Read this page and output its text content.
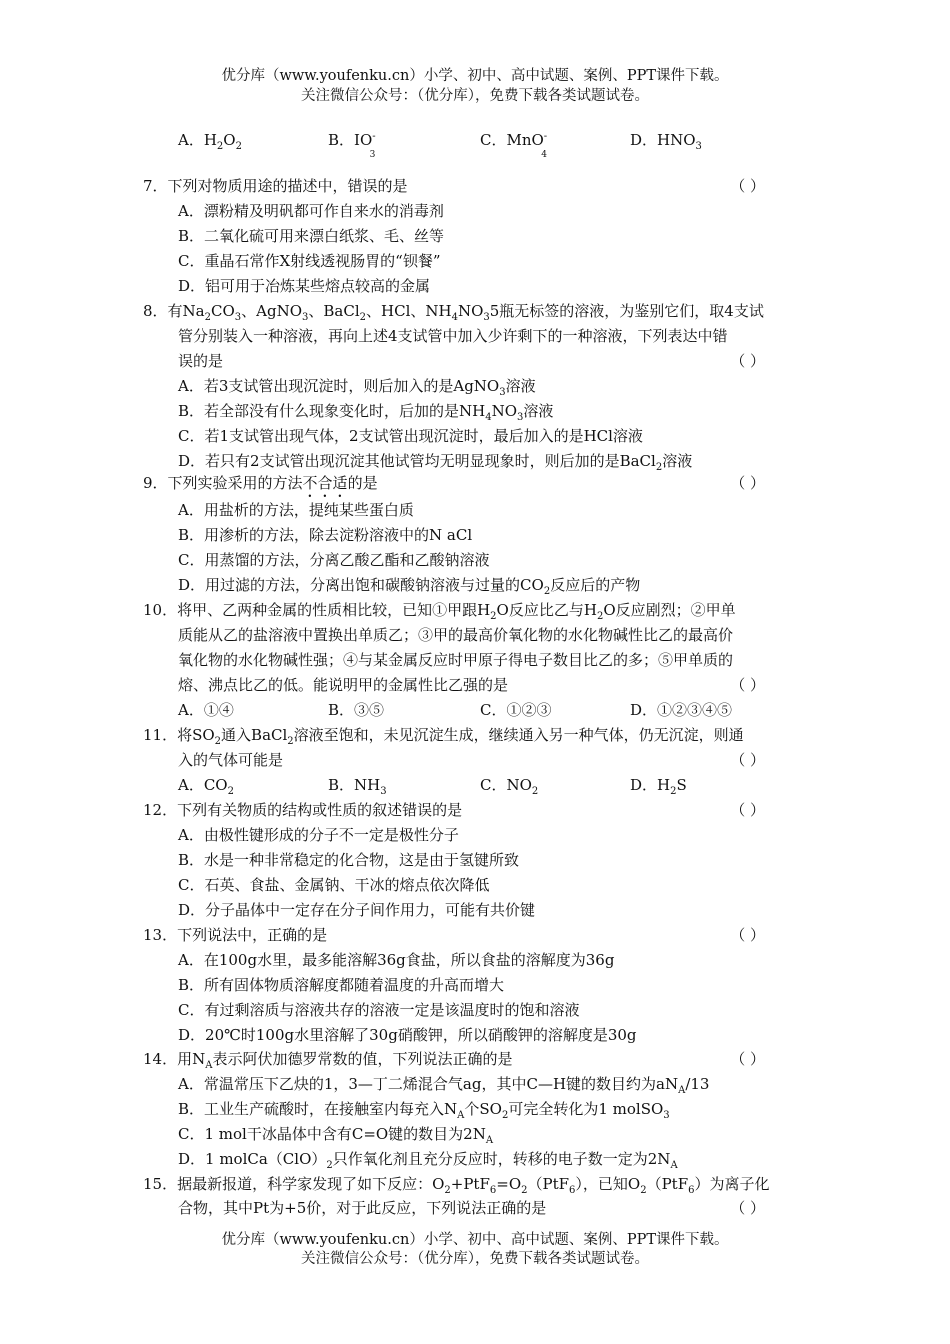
优分库（www.youfenku.cn）小学、初中、高中试题、案例、PPT课件下载。
关注微信公众号：（优分库），免费下载各类试题试卷。
A．$H_2O_2$	B．$IO^-_3$
C．MnO-$_4$
D．$HNO_3$
7．下列对物质用途的描述中，错误的是	（ ）
A．漂粉精及明矾都可作自来水的消毒剂
B．二氧化硫可用来漂白纸浆、毛、丝等
C．重晶石常作X射线透视肠胃的“钡餐”
D．铝可用于冶炼某些熔点较高的金属
8．有$Na_2CO_3$、AgNO$_3$、BaCl$_2$、HCl、$NH_4NO_35$瓶无标签的溶液，为鉴别它们，取4支试
管分别装入一种溶液，再向上述4支试管中加入少许剩下的一种溶液，下列表达中错
误的是	（ ）
A．若3支试管出现沉淀时，则后加入的是AgNO$_3$溶液
B．若全部没有什么现象变化时，后加的是$NH_4NO_3$溶液
C．若1支试管出现气体，2支试管出现沉淀时，最后加入的是HCl溶液
D．若只有2支试管出现沉淀其他试管均无明显现象时，则后加的是BaCl$_2$溶液
9．下列实验采用的方法不合适的是	（ ）
A．用盐析的方法，提纯某些蛋白质
B．用渗析的方法，除去淀粉溶液中的N aCl
C．用蒸馏的方法，分离乙酸乙酯和乙酸钠溶液
D．用过滤的方法，分离出饱和碳酸钠溶液与过量的$CO_2$反应后的产物
10．将甲、乙两种金属的性质相比较，已知①甲跟$H_2O$反应比乙与$H_2O$反应剧烈；②甲单
质能从乙的盐溶液中置换出单质乙；③甲的最高价氧化物的水化物碱性比乙的最高价
氧化物的水化物碱性强；④与某金属反应时甲原子得电子数目比乙的多；⑤甲单质的
熔、沸点比乙的低。能说明甲的金属性比乙强的是	（ ）
A．①④	B．③⑤	C．①②③	D．①②③④⑤
11．将$SO_2$通入BaCl$_2$溶液至饱和，未见沉淀生成，继续通入另一种气体，仍无沉淀，则通
入的气体可能是	（ ）
A．$CO_2$	B．$NH_3$	C．$NO_2$	D．$H_2S$
12．下列有关物质的结构或性质的叙述错误的是	（ ）
A．由极性键形成的分子不一定是极性分子
B．水是一种非常稳定的化合物，这是由于氢键所致
C．石英、食盐、金属钠、干冰的熔点依次降低
D．分子晶体中一定存在分子间作用力，可能有共价键
13．下列说法中，正确的是	（ ）
A．在100g水里，最多能溶解36g食盐，所以食盐的溶解度为36g
B．所有固体物质溶解度都随着温度的升高而增大
C．有过剩溶质与溶液共存的溶液一定是该温度时的饱和溶液
D．20℃时100g水里溶解了30g硝酸钾，所以硝酸钾的溶解度是30g
14．用$N_A$表示阿伏加德罗常数的值，下列说法正确的是	（ ）
A．常温常压下乙炔的1，3—丁二烯混合气ag，其中C—H键的数目约为$aN_A/13$
B．工业生产硫酸时，在接触室内每充入$N_A$个$SO_2$可完全转化为1 molSO$_3$
C．1 mol干冰晶体中含有C=O键的数目为$2N_A$
D．1 $molCa(ClO)_2$只作氧化剂且充分反应时，转移的电子数一定为$2N_A$
15．据最新报道，科学家发现了如下反应：$O_2+PtF_6=O_2(PtF_6)$，已知$O_2(PtF_6)$为离子化
合物，其中Pt为+5价，对于此反应，下列说法正确的是	（ ）
优分库（www.youfenku.cn）小学、初中、高中试题、案例、PPT课件下载。
关注微信公众号：（优分库），免费下载各类试题试卷。
